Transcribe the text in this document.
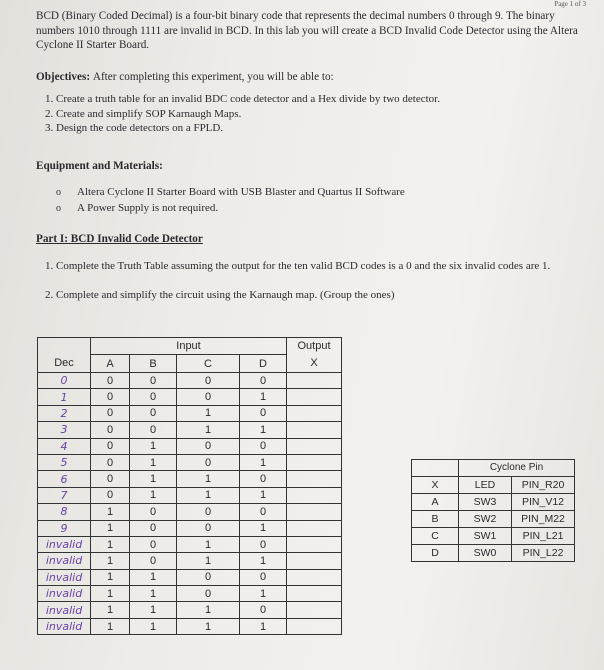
Page 1 of 3
BCD (Binary Coded Decimal) is a four-bit binary code that represents the decimal numbers 0 through 9. The binary numbers 1010 through 1111 are invalid in BCD. In this lab you will create a BCD Invalid Code Detector using the Altera Cyclone II Starter Board.
Objectives: After completing this experiment, you will be able to:
1. Create a truth table for an invalid BDC code detector and a Hex divide by two detector.
2. Create and simplify SOP Karnaugh Maps.
3. Design the code detectors on a FPLD.
Equipment and Materials:
o Altera Cyclone II Starter Board with USB Blaster and Quartus II Software
o A Power Supply is not required.
Part I: BCD Invalid Code Detector
1. Complete the Truth Table assuming the output for the ten valid BCD codes is a 0 and the six invalid codes are 1.
2. Complete and simplify the circuit using the Karnaugh map. (Group the ones)
	Input				Output
Dec	A	B	C	D	X
0	0	0	0	0	
1	0	0	0	1	
2	0	0	1	0	
3	0	0	1	1	
4	0	1	0	0	
5	0	1	0	1	
6	0	1	1	0	
7	0	1	1	1	
8	1	0	0	0	
9	1	0	0	1	
invalid	1	0	1	0	
invalid	1	0	1	1	
invalid	1	1	0	0	
invalid	1	1	0	1	
invalid	1	1	1	0	
invalid	1	1	1	1	
	Cyclone Pin	
X	LED	PIN_R20
A	SW3	PIN_V12
B	SW2	PIN_M22
C	SW1	PIN_L21
D	SW0	PIN_L22
